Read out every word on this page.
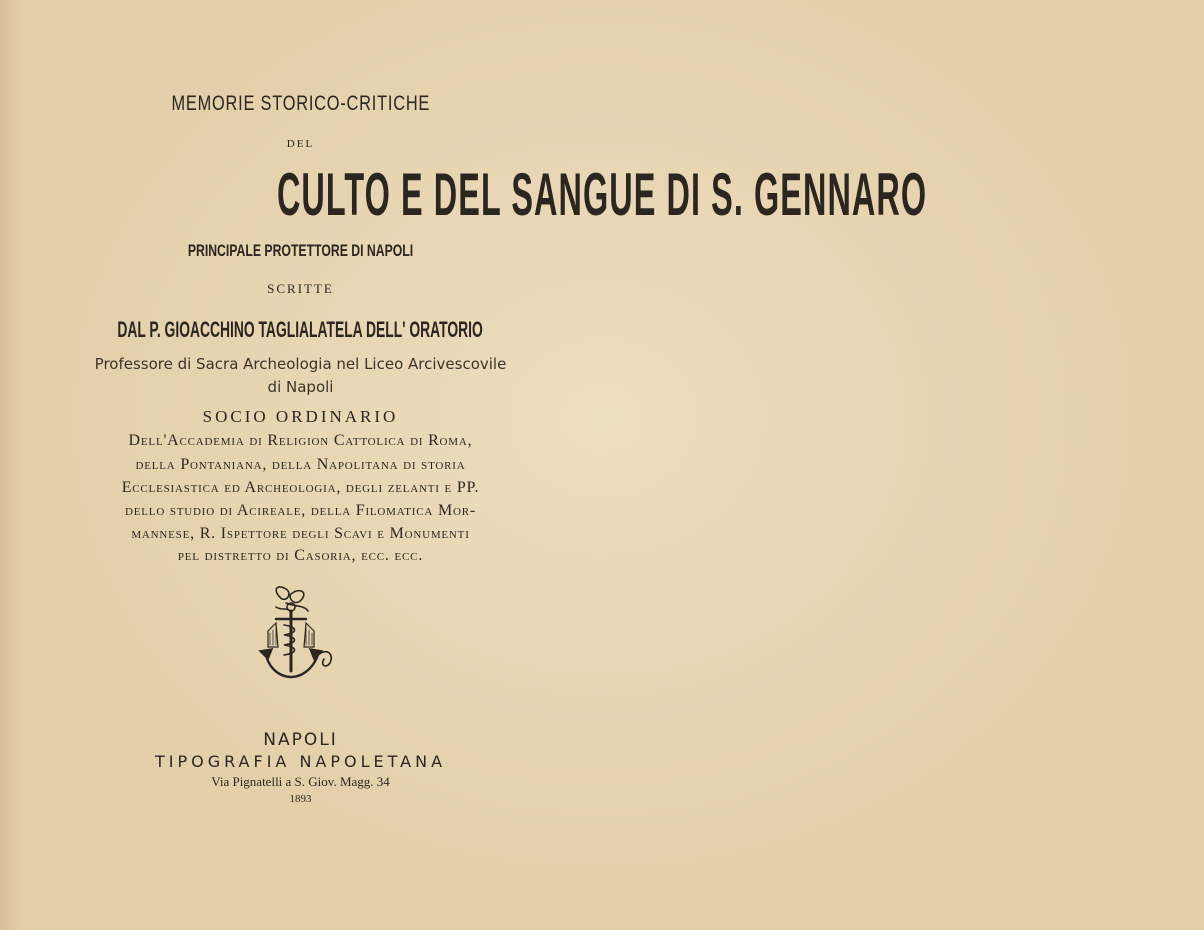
MEMORIE STORICO-CRITICHE
DEL
CULTO E DEL SANGUE DI S. GENNARO
PRINCIPALE PROTETTORE DI NAPOLI
SCRITTE
DAL P. GIOACCHINO TAGLIALATELA DELL' ORATORIO
Professore di Sacra Archeologia nel Liceo Arcivescovile
di Napoli
SOCIO ORDINARIO
Dell'Accademia di Religion Cattolica di Roma,
della Pontaniana, della Napolitana di storia
Ecclesiastica ed Archeologia, degli zelanti e PP.
dello studio di Acireale, della Filomatica Mor-
mannese, R. Ispettore degli Scavi e Monumenti
pel distretto di Casoria, ecc. ecc.
NAPOLI
TIPOGRAFIA NAPOLETANA
Via Pignatelli a S. Giov. Magg. 34
1893
